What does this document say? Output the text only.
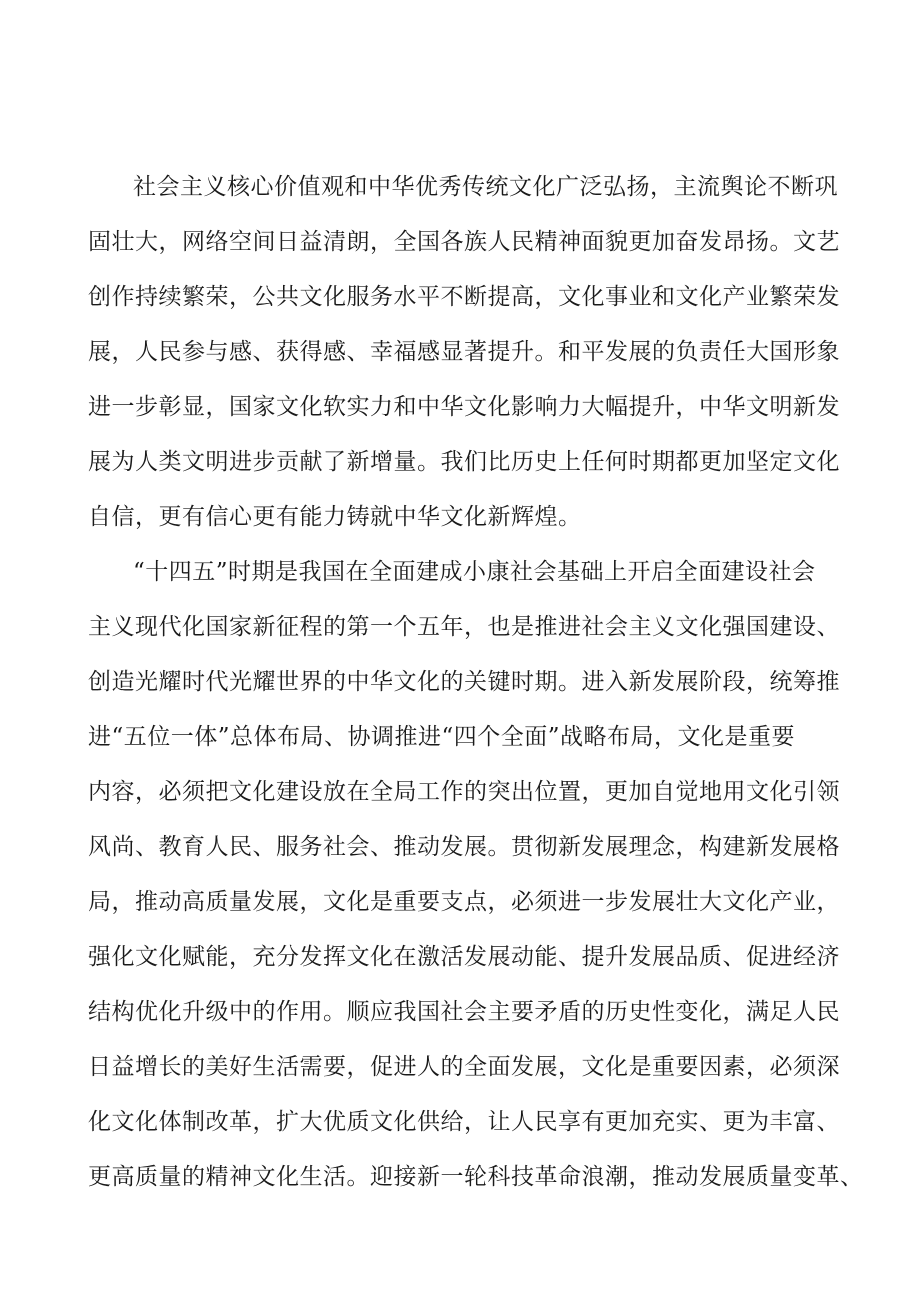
社会主义核心价值观和中华优秀传统文化广泛弘扬，主流舆论不断巩
固壮大，网络空间日益清朗，全国各族人民精神面貌更加奋发昂扬。文艺
创作持续繁荣，公共文化服务水平不断提高，文化事业和文化产业繁荣发
展，人民参与感、获得感、幸福感显著提升。和平发展的负责任大国形象
进一步彰显，国家文化软实力和中华文化影响力大幅提升，中华文明新发
展为人类文明进步贡献了新增量。我们比历史上任何时期都更加坚定文化
自信，更有信心更有能力铸就中华文化新辉煌。
“十四五”时期是我国在全面建成小康社会基础上开启全面建设社会
主义现代化国家新征程的第一个五年，也是推进社会主义文化强国建设、
创造光耀时代光耀世界的中华文化的关键时期。进入新发展阶段，统筹推
进“五位一体”总体布局、协调推进“四个全面”战略布局，文化是重要
内容，必须把文化建设放在全局工作的突出位置，更加自觉地用文化引领
风尚、教育人民、服务社会、推动发展。贯彻新发展理念，构建新发展格
局，推动高质量发展，文化是重要支点，必须进一步发展壮大文化产业，
强化文化赋能，充分发挥文化在激活发展动能、提升发展品质、促进经济
结构优化升级中的作用。顺应我国社会主要矛盾的历史性变化，满足人民
日益增长的美好生活需要，促进人的全面发展，文化是重要因素，必须深
化文化体制改革，扩大优质文化供给，让人民享有更加充实、更为丰富、
更高质量的精神文化生活。迎接新一轮科技革命浪潮，推动发展质量变革、
